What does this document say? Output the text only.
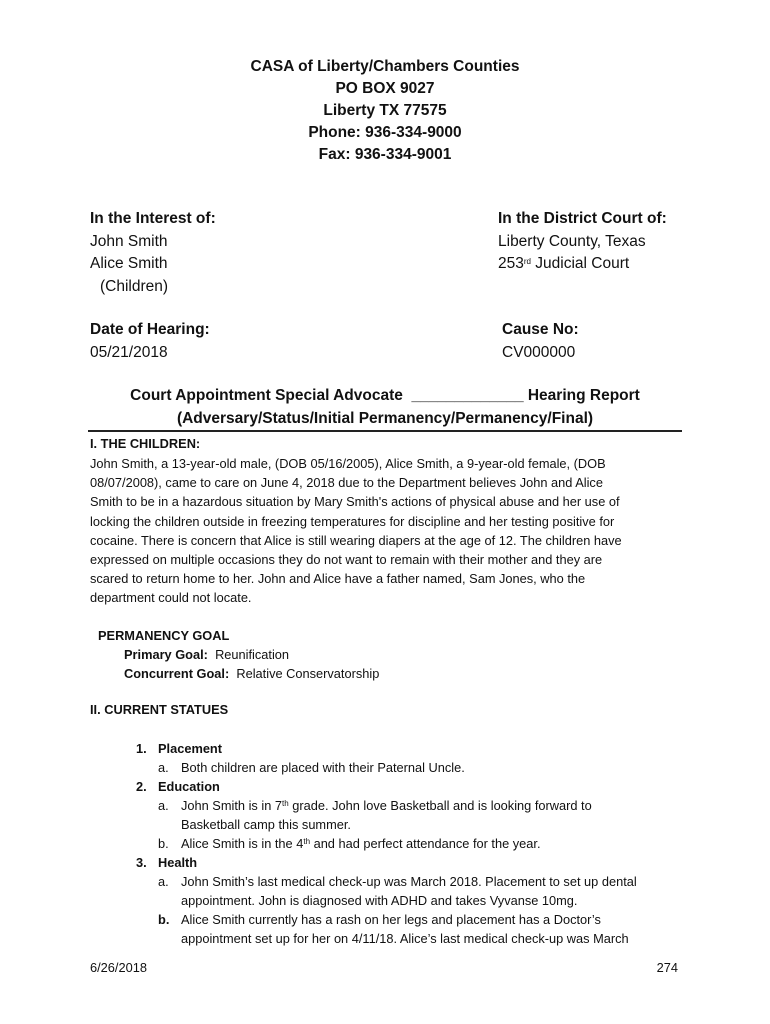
CASA of Liberty/Chambers Counties
PO BOX 9027
Liberty TX 77575
Phone: 936-334-9000
Fax: 936-334-9001
In the Interest of:
John Smith
Alice Smith
(Children)
In the District Court of:
Liberty County, Texas
253rd Judicial Court
Date of Hearing:
05/21/2018
Cause No:
CV000000
Court Appointment Special Advocate  _____________ Hearing Report
(Adversary/Status/Initial Permanency/Permanency/Final)
I. THE CHILDREN:
John Smith, a 13-year-old male, (DOB 05/16/2005), Alice Smith, a 9-year-old female, (DOB
08/07/2008), came to care on June 4, 2018 due to the Department believes John and Alice
Smith to be in a hazardous situation by Mary Smith's actions of physical abuse and her use of
locking the children outside in freezing temperatures for discipline and her testing positive for
cocaine. There is concern that Alice is still wearing diapers at the age of 12. The children have
expressed on multiple occasions they do not want to remain with their mother and they are
scared to return home to her. John and Alice have a father named, Sam Jones, who the
department could not locate.
PERMANENCY GOAL
Primary Goal: Reunification
Concurrent Goal: Relative Conservatorship
II. CURRENT STATUES
1. Placement
a. Both children are placed with their Paternal Uncle.
2. Education
a. John Smith is in 7th grade. John love Basketball and is looking forward to
Basketball camp this summer.
b. Alice Smith is in the 4th and had perfect attendance for the year.
3. Health
a. John Smith’s last medical check-up was March 2018. Placement to set up dental
appointment. John is diagnosed with ADHD and takes Vyvanse 10mg.
b. Alice Smith currently has a rash on her legs and placement has a Doctor’s
appointment set up for her on 4/11/18. Alice’s last medical check-up was March
6/26/2018	274
